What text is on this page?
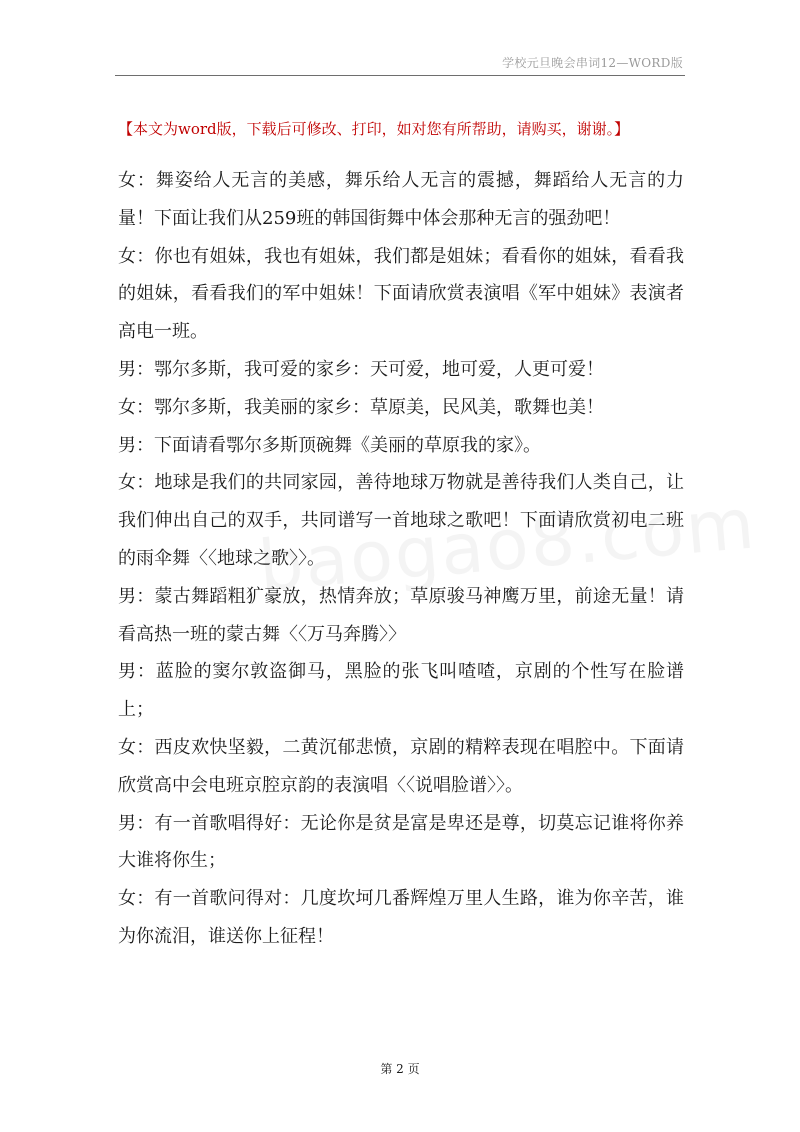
学校元旦晚会串词12—WORD版
【本文为word版，下载后可修改、打印，如对您有所帮助，请购买，谢谢。】

女：舞姿给人无言的美感，舞乐给人无言的震撼，舞蹈给人无言的力量！下面让我们从259班的韩国街舞中体会那种无言的强劲吧！

女：你也有姐妹，我也有姐妹，我们都是姐妹；看看你的姐妹，看看我的姐妹，看看我们的军中姐妹！下面请欣赏表演唱《军中姐妹》表演者高电一班。

男：鄂尔多斯，我可爱的家乡：天可爱，地可爱，人更可爱！

女：鄂尔多斯，我美丽的家乡：草原美，民风美，歌舞也美！

男：下面请看鄂尔多斯顶碗舞《美丽的草原我的家》。

女：地球是我们的共同家园，善待地球万物就是善待我们人类自己，让我们伸出自己的双手，共同谱写一首地球之歌吧！下面请欣赏初电二班的雨伞舞〈〈地球之歌〉〉。

男：蒙古舞蹈粗犷豪放，热情奔放；草原骏马神鹰万里，前途无量！请看高热一班的蒙古舞〈〈万马奔腾〉〉

男：蓝脸的窦尔敦盗御马，黑脸的张飞叫喳喳，京剧的个性写在脸谱上；

女：西皮欢快坚毅，二黄沉郁悲愤，京剧的精粹表现在唱腔中。下面请欣赏高中会电班京腔京韵的表演唱〈〈说唱脸谱〉〉。

男：有一首歌唱得好：无论你是贫是富是卑还是尊，切莫忘记谁将你养大谁将你生；

女：有一首歌问得对：几度坎坷几番辉煌万里人生路，谁为你辛苦，谁为你流泪，谁送你上征程！

第 2 页
